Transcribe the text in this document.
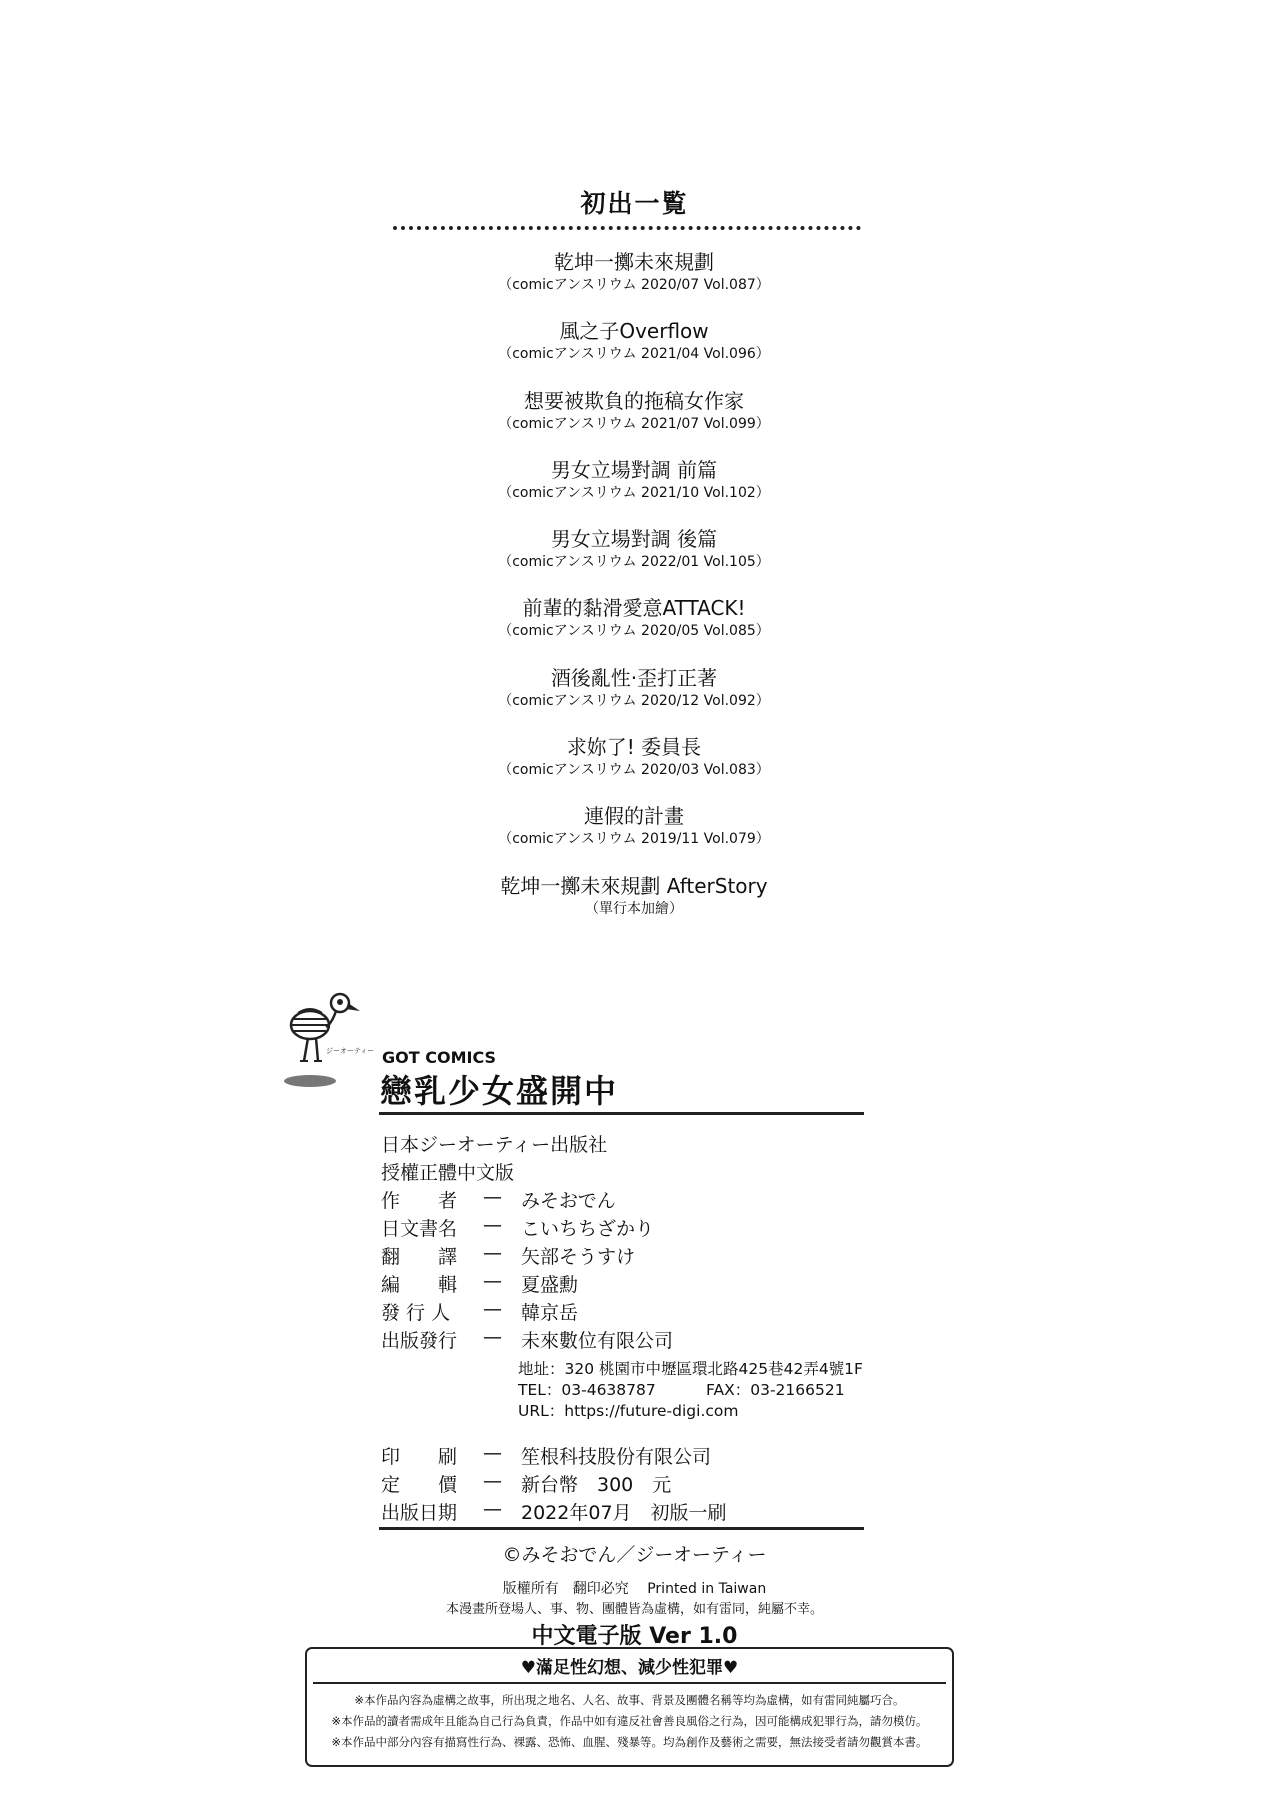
初出一覧
乾坤一擲未來規劃
（comicアンスリウム 2020/07 Vol.087）
風之子Overflow
（comicアンスリウム 2021/04 Vol.096）
想要被欺負的拖稿女作家
（comicアンスリウム 2021/07 Vol.099）
男女立場對調 前篇
（comicアンスリウム 2021/10 Vol.102）
男女立場對調 後篇
（comicアンスリウム 2022/01 Vol.105）
前輩的黏滑愛意ATTACK!
（comicアンスリウム 2020/05 Vol.085）
酒後亂性‧歪打正著
（comicアンスリウム 2020/12 Vol.092）
求妳了! 委員長
（comicアンスリウム 2020/03 Vol.083）
連假的計畫
（comicアンスリウム 2019/11 Vol.079）
乾坤一擲未來規劃 AfterStory
（單行本加繪）
ジーオーティー GOT COMICS
戀乳少女盛開中
日本ジーオーティー出版社
授權正體中文版
作　　者	—	みそおでん
日文書名	—	こいちちざかり
翻　　譯	—	矢部そうすけ
編　　輯	—	夏盛勳
發 行 人	—	韓京岳
出版發行	—	未來數位有限公司
地址：320 桃園市中壢區環北路425巷42弄4號1F
TEL：03-4638787	FAX：03-2166521
URL：https://future-digi.com
印　　刷	—	笙根科技股份有限公司
定　　價	—	新台幣　300　元
出版日期	—	2022年07月　初版一刷
©みそおでん／ジーオーティー
版權所有　翻印必究　 Printed in Taiwan
本漫畫所登場人、事、物、團體皆為虛構，如有雷同，純屬不幸。
中文電子版 Ver 1.0
♥滿足性幻想、減少性犯罪♥
※本作品內容為虛構之故事，所出現之地名、人名、故事、背景及團體名稱等均為虛構，如有雷同純屬巧合。
※本作品的讀者需成年且能為自己行為負責，作品中如有違反社會善良風俗之行為，因可能構成犯罪行為，請勿模仿。
※本作品中部分內容有描寫性行為、裸露、恐怖、血腥、殘暴等。均為創作及藝術之需要，無法接受者請勿觀賞本書。
